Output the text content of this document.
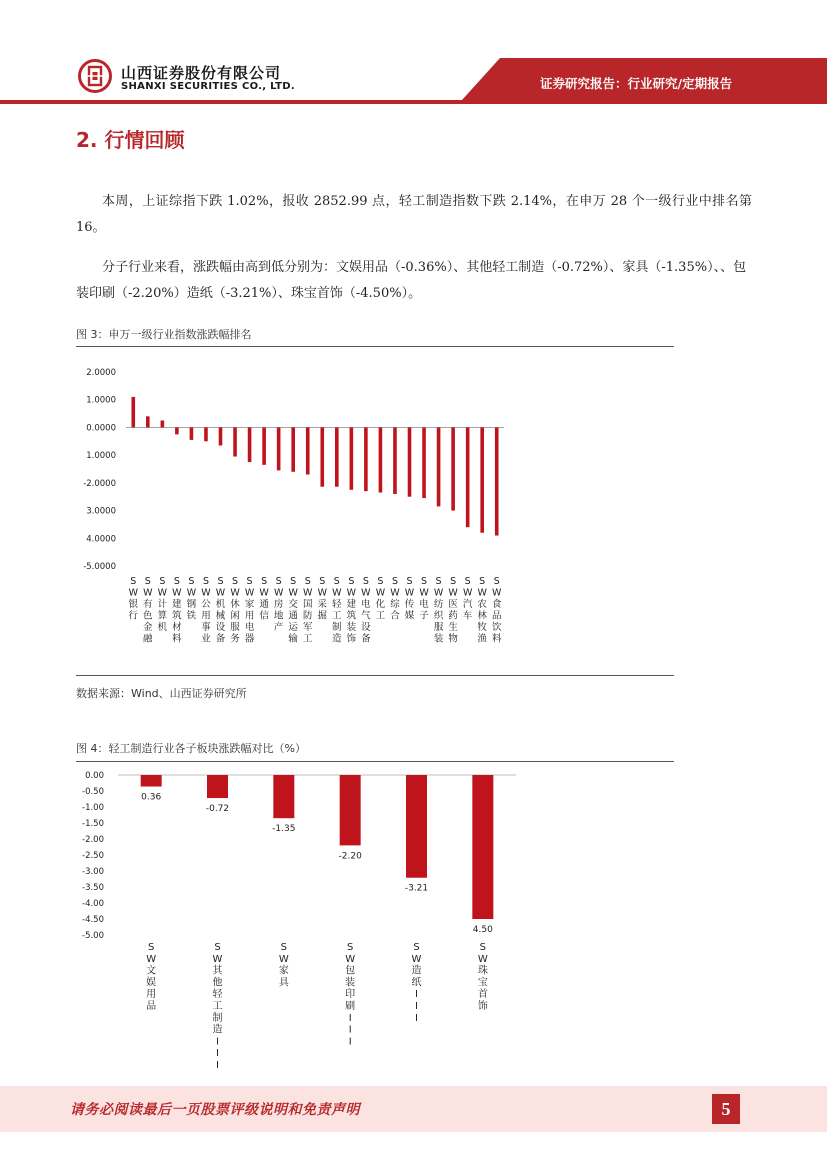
山西证券股份有限公司
SHANXI SECURITIES CO., LTD.	证券研究报告：行业研究/定期报告
2. 行情回顾
本周，上证综指下跌 1.02%，报收 2852.99 点，轻工制造指数下跌 2.14%，在申万 28 个一级行业中排名第 16。
分子行业来看，涨跌幅由高到低分别为：文娱用品（-0.36%）、其他轻工制造（-0.72%）、家具（-1.35%）、、包装印刷（-2.20%）造纸（-3.21%）、珠宝首饰（-4.50%）。
图 3：申万一级行业指数涨跌幅排名
2.0000
1.0000
0.0000
1.0000
-2.0000
3.0000
4.0000
-5.0000
S W 银行
S W 有色金融
S W 计算机
S W 建筑材料
S W 钢铁
S W 公用事业
S W 机械设备
S W 休闲服务
S W 家用电器
S W 通信
S W 房地产
S W 交通运输
S W 国防军工
S W 采掘
S W 轻工制造
S W 建筑装饰
S W 电气设备
S W 化工
S W 综合
S W 传媒
S W 电子
S W 纺织服装
S W 医药生物
S W 汽车
S W 农林牧渔
S W 食品饮料
数据来源：Wind、山西证券研究所
图 4：轻工制造行业各子板块涨跌幅对比（%）
0.00
-0.50
-1.00
-1.50
-2.00
-2.50
-3.00
-3.50
-4.00
-4.50
-5.00
0.36
S W 文娱用品
-0.72
S W 其他轻工制造 I I I
-1.35
S W 家具
-2.20
S W 包装印刷 I I I
-3.21
S W 造纸 I I I
4.50
S W 珠宝首饰
请务必阅读最后一页股票评级说明和免责声明	5
